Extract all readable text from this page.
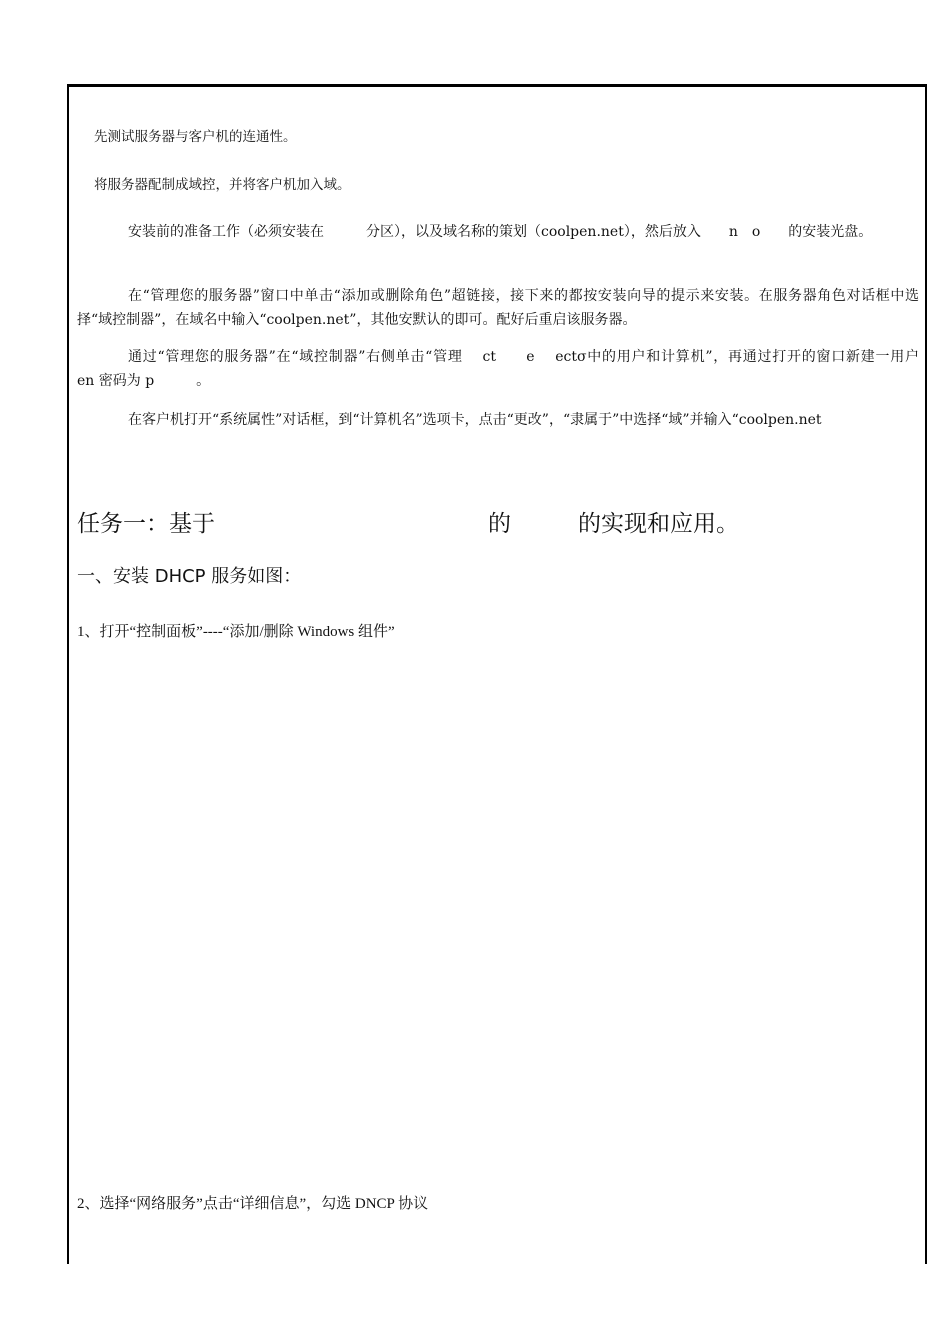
先测试服务器与客户机的连通性。
将服务器配制成域控，并将客户机加入域。
安装前的准备工作（必须安装在　　　分区），以及域名称的策划（coolpen.net），然后放入　　n　o　　的安装光盘。
在“管理您的服务器”窗口中单击“添加或删除角色”超链接，接下来的都按安装向导的提示来安装。在服务器角色对话框中选择“域控制器”，在域名中输入“coolpen.net”，其他安默认的即可。配好后重启该服务器。
通过“管理您的服务器”在“域控制器”右侧单击“管理　 ct　　e　 ectσ中的用户和计算机”，再通过打开的窗口新建一用户　　en 密码为 p　　　。
在客户机打开“系统属性”对话框，到“计算机名”选项卡，点击“更改”，“隶属于”中选择“域”并输入“coolpen.net
任务一：基于	的	的实现和应用。
一、安装 DHCP 服务如图：
1、打开“控制面板”----“添加/删除 Windows 组件”
2、选择“网络服务”点击“详细信息”，勾选 DNCP 协议
